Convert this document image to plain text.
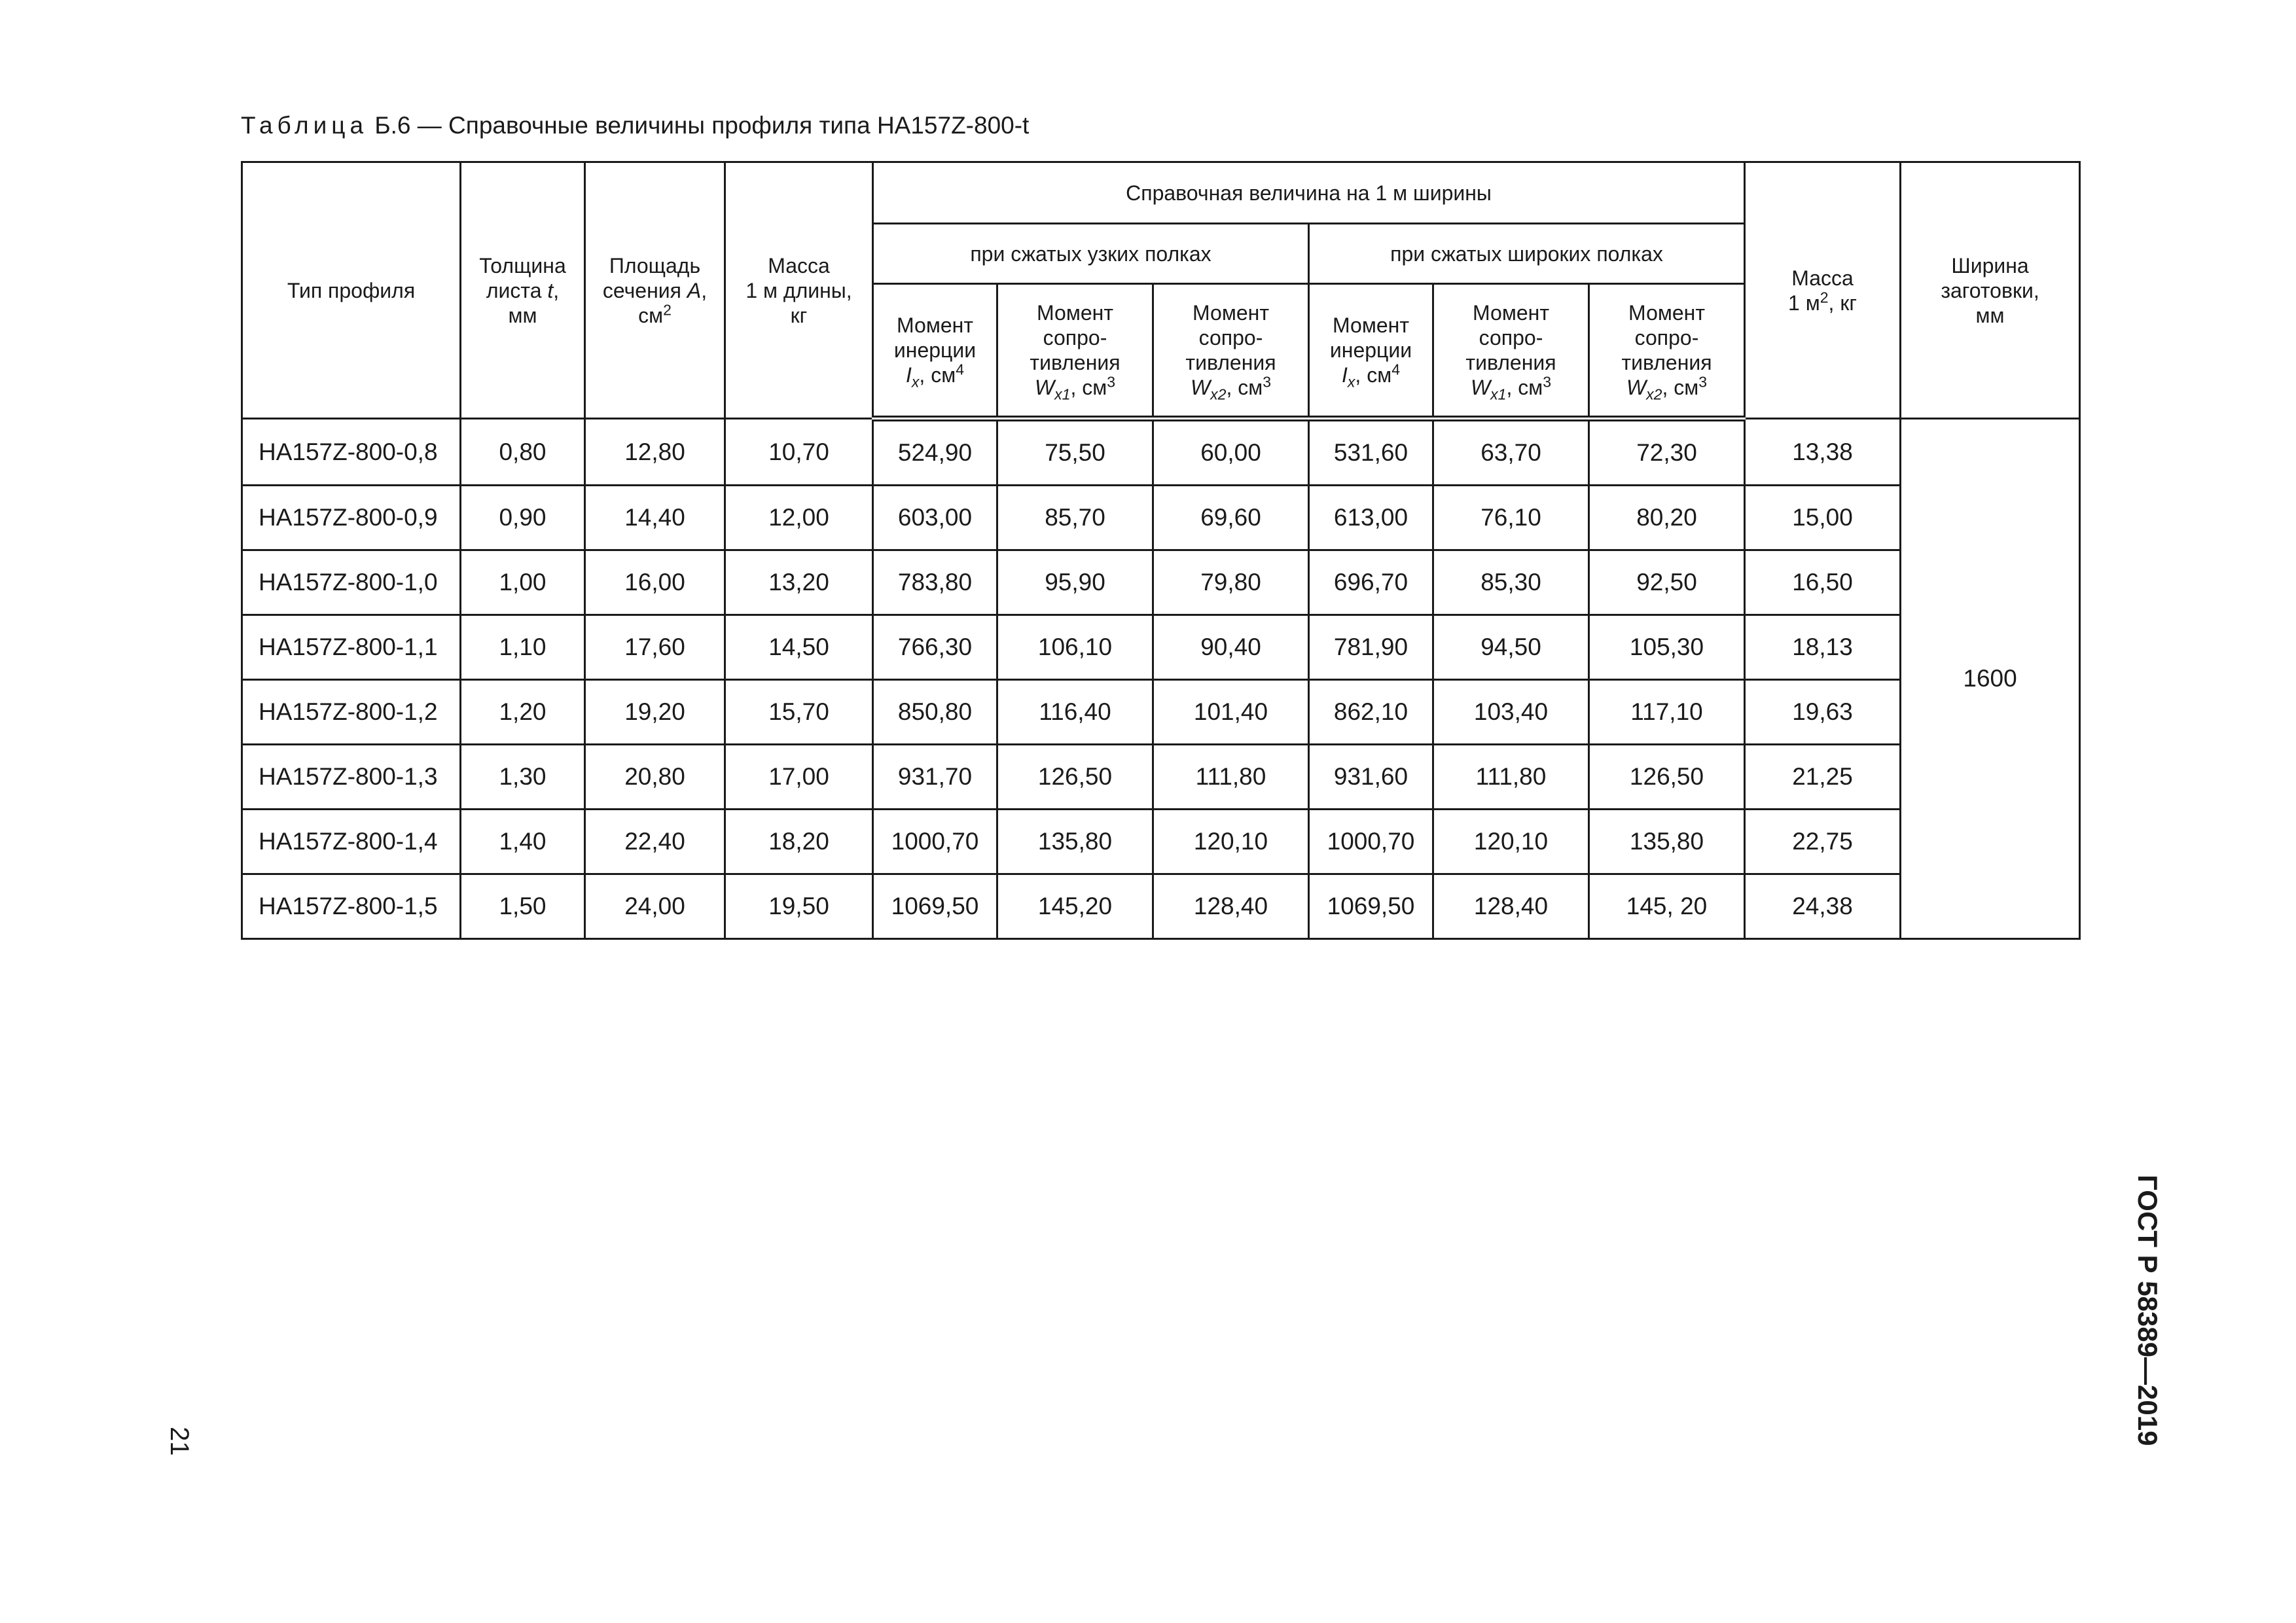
Таблица Б.6 — Справочные величины профиля типа НА157Z-800-t
Тип профиля	Толщина
листа t,
мм	Площадь
сечения A,
$см^2$	Масса
1 м длины,
кг	Справочная величина на 1 м ширины						Масса
1 $м^2$, кг	Ширина
заготовки,
мм
				при сжатых узких полках			при сжатых широких полках				
				Момент
инерции
$I_x$, $см^4$	Момент
сопро-
тивления
$W_{x1}$, $см^3$	Момент
сопро-
тивления
$W_{x2}$, $см^3$	Момент
инерции
$I_x$, $см^4$	Момент
сопро-
тивления
$W_{x1}$, $см^3$	Момент
сопро-
тивления
$W_{x2}$, $см^3$
НА157Z-800-0,8	0,80	12,80	10,70	524,90	75,50	60,00	531,60	63,70	72,30	13,38	1600
НА157Z-800-0,9	0,90	14,40	12,00	603,00	85,70	69,60	613,00	76,10	80,20	15,00	
НА157Z-800-1,0	1,00	16,00	13,20	783,80	95,90	79,80	696,70	85,30	92,50	16,50	
НА157Z-800-1,1	1,10	17,60	14,50	766,30	106,10	90,40	781,90	94,50	105,30	18,13	
НА157Z-800-1,2	1,20	19,20	15,70	850,80	116,40	101,40	862,10	103,40	117,10	19,63	
НА157Z-800-1,3	1,30	20,80	17,00	931,70	126,50	111,80	931,60	111,80	126,50	21,25	
НА157Z-800-1,4	1,40	22,40	18,20	1000,70	135,80	120,10	1000,70	120,10	135,80	22,75	
НА157Z-800-1,5	1,50	24,00	19,50	1069,50	145,20	128,40	1069,50	128,40	145, 20	24,38	
21	ГОСТ Р 58389—2019
